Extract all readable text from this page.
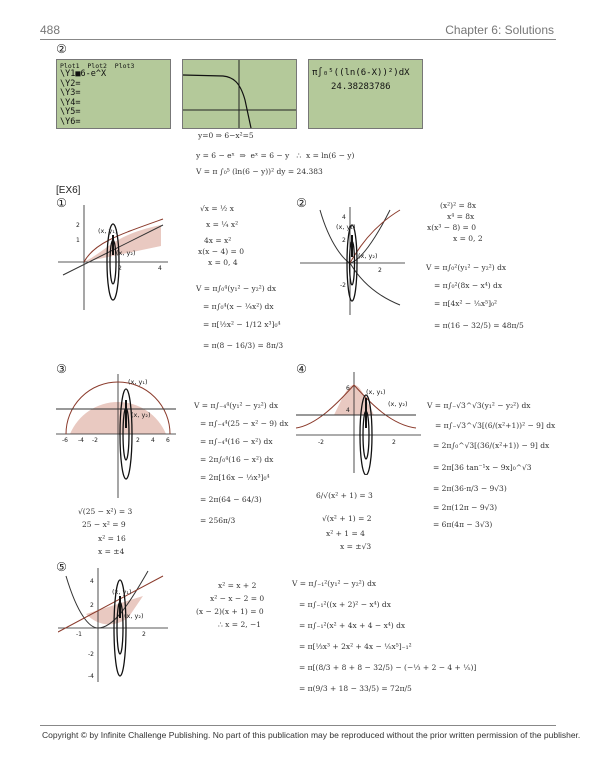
488	Chapter 6: Solutions
②
Plot1  Plot2  Plot3
\Y1■6-e^X
\Y2=
\Y3=
\Y4=
\Y5=
\Y6=
π∫₀⁵((ln(6-X))²)dX
24.38283786
y=0 ⇒ 6−x²=5
y = 6 − eˣ  ⇒  eˣ = 6 − y   ∴  x = ln(6 − y)
V = π ∫₀⁵ (ln(6 − y))² dy = 24.383
[EX6]
①
(x, y₁)
(x, y₂)
1
2
2	4
√x = ½ x
x = ¼ x²
4x = x²
x(x − 4) = 0
x = 0, 4
V = π∫₀⁴(y₁² − y₂²) dx
= π∫₀⁴(x − ¼x²) dx
= π[½x² − 1/12 x³]₀⁴
= π(8 − 16/3) = 8π/3
②
(x, y₁)
(x, y₂)
4
2
-2
2
(x²)² = 8x
x⁴ = 8x
x(x³ − 8) = 0
x = 0, 2
V = π∫₀²(y₁² − y₂²) dx
= π∫₀²(8x − x⁴) dx
= π[4x² − ⅕x⁵]₀²
= π(16 − 32/5) = 48π/5
③
(x, y₁)
(x, y₂)
-6 -4 -2	2 4 6
V = π∫₋₄⁴(y₁² − y₂²) dx
= π∫₋₄⁴(25 − x² − 9) dx
= π∫₋₄⁴(16 − x²) dx
= 2π∫₀⁴(16 − x²) dx
= 2π[16x − ⅓x³]₀⁴
= 2π(64 − 64/3)
= 256π/3
√(25 − x²) = 3
25 − x² = 9
x² = 16
x = ±4
④
(x, y₁)
(x, y₂)
-2	2
6
4
V = π∫₋√3^√3(y₁² − y₂²) dx
= π∫₋√3^√3[(6/(x²+1))² − 9] dx
= 2π∫₀^√3[(36/(x²+1)) − 9] dx
= 2π[36 tan⁻¹x − 9x]₀^√3
= 2π(36·π/3 − 9√3)
= 2π(12π − 9√3)
= 6π(4π − 3√3)
6/√(x² + 1) = 3
√(x² + 1) = 2
x² + 1 = 4
x = ±√3
⑤
(x, y₁)
(x, y₂)
4
2
-2
-4
-1	2
x² = x + 2
x² − x − 2 = 0
(x − 2)(x + 1) = 0
∴ x = 2, −1
V = π∫₋₁²(y₁² − y₂²) dx
= π∫₋₁²((x + 2)² − x⁴) dx
= π∫₋₁²(x² + 4x + 4 − x⁴) dx
= π[⅓x³ + 2x² + 4x − ⅕x⁵]₋₁²
= π[(8/3 + 8 + 8 − 32/5) − (−⅓ + 2 − 4 + ⅕)]
= π(9/3 + 18 − 33/5) = 72π/5
Copyright © by Infinite Challenge Publishing. No part of this publication may be reproduced without the prior written permission of the publisher.
